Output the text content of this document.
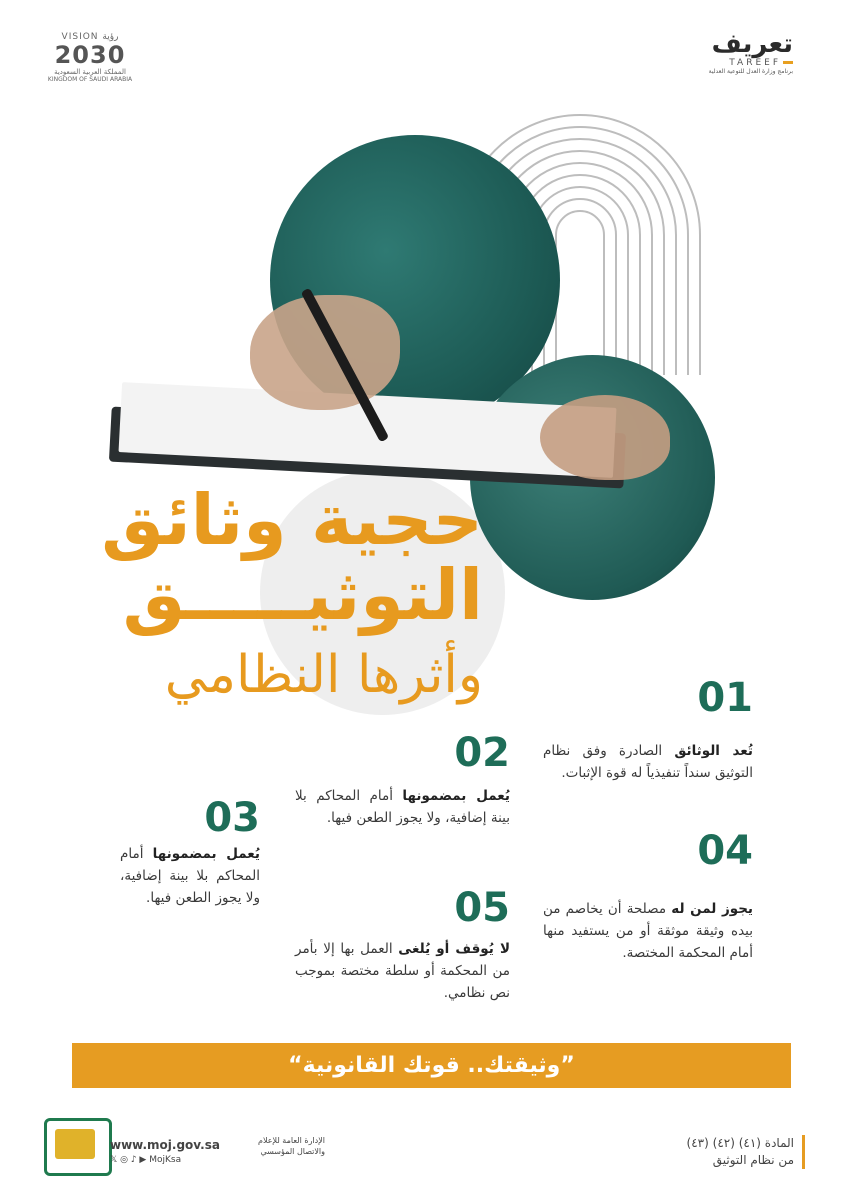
تعريف
TAREEF
برنامج وزارة العدل للتوعية العدلية
VISION رؤية
2030
المملكة العربية السعودية
KINGDOM OF SAUDI ARABIA
حجية وثائق
التوثيـــــق
وأثرها النظامي	01
تُعد الوثائق الصادرة وفق نظام التوثيق سنداً تنفيذياً له قوة الإثبات.
02
يُعمل بمضمونها أمام المحاكم بلا بينة إضافية، ولا يجوز الطعن فيها.
03
يُعمل بمضمونها أمام المحاكم بلا بينة إضافية، ولا يجوز الطعن فيها.
04
يجوز لمن له مصلحة أن يخاصم من بيده وثيقة موثقة أو من يستفيد منها أمام المحكمة المختصة.
05
لا يُوقف أو يُلغى العمل بها إلا بأمر من المحكمة أو سلطة مختصة بموجب نص نظامي.
”وثيقتك.. قوتك القانونية“
المادة (٤١) (٤٢) (٤٣)
من نظام التوثيق
www.moj.gov.sa	الإدارة العامة للإعلام والاتصال المؤسسي
𝕏 ◎ ♪ ▶ MojKsa
